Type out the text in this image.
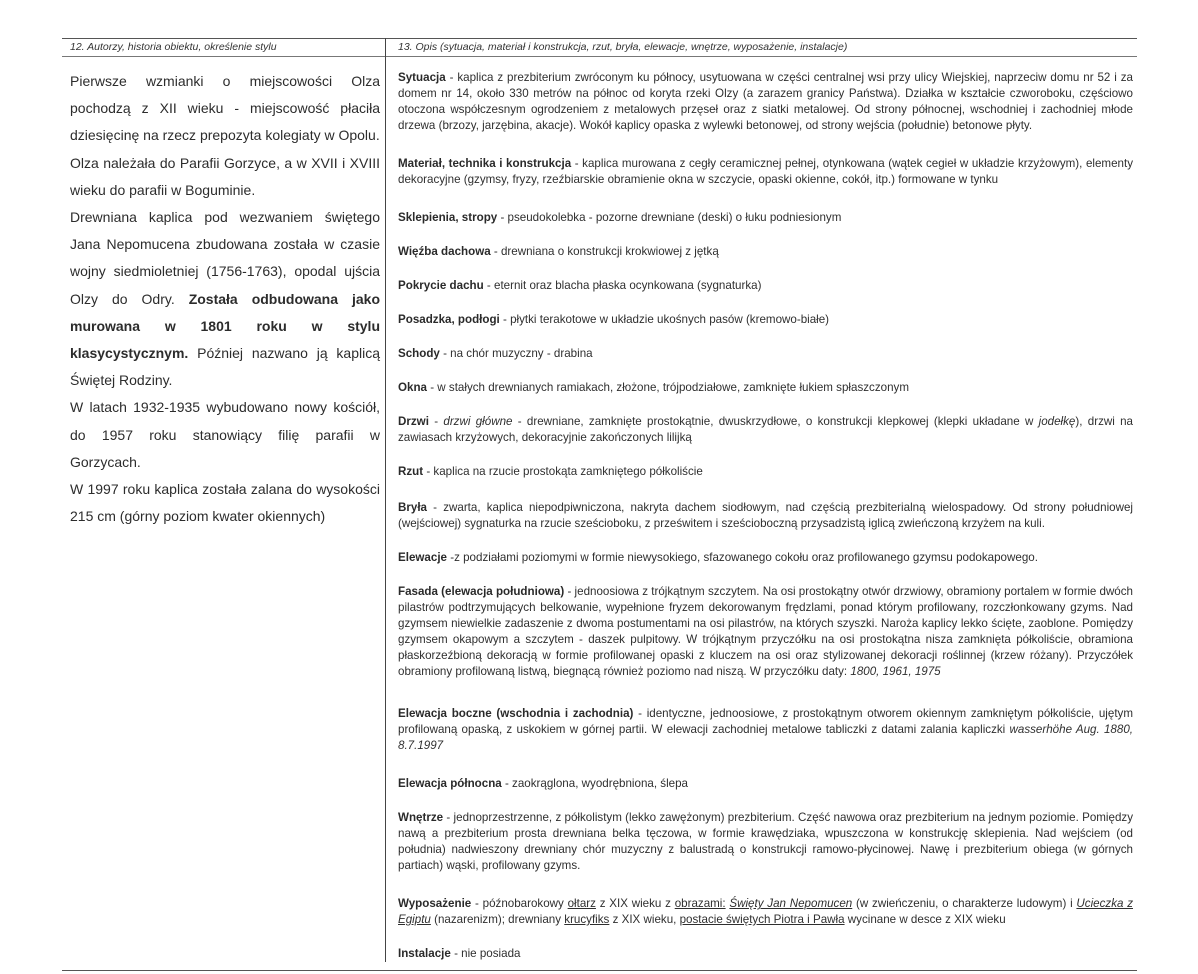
12. Autorzy, historia obiektu, określenie stylu	13. Opis (sytuacja, materiał i konstrukcja, rzut, bryła, elewacje, wnętrze, wyposażenie, instalacje)

Pierwsze wzmianki o miejscowości Olza pochodzą z XII wieku - miejscowość płaciła dziesięcinę na rzecz prepozyta kolegiaty w Opolu.

Olza należała do Parafii Gorzyce, a w XVII i XVIII wieku do parafii w Boguminie.

Drewniana kaplica pod wezwaniem świętego Jana Nepomucena zbudowana została w czasie wojny siedmioletniej (1756-1763), opodal ujścia Olzy do Odry. Została odbudowana jako murowana w 1801 roku w stylu klasycystycznym. Później nazwano ją kaplicą Świętej Rodziny.

W latach 1932-1935 wybudowano nowy kościół, do 1957 roku stanowiący filię parafii w Gorzycach.

W 1997 roku kaplica została zalana do wysokości 215 cm (górny poziom kwater okiennych)

Sytuacja - kaplica z prezbiterium zwróconym ku północy, usytuowana w części centralnej wsi przy ulicy Wiejskiej, naprzeciw domu nr 52 i za domem nr 14, około 330 metrów na północ od koryta rzeki Olzy (a zarazem granicy Państwa). Działka w kształcie czworoboku, częściowo otoczona współczesnym ogrodzeniem z metalowych przęseł oraz z siatki metalowej. Od strony północnej, wschodniej i zachodniej młode drzewa (brzozy, jarzębina, akacje). Wokół kaplicy opaska z wylewki betonowej, od strony wejścia (południe) betonowe płyty.

Materiał, technika i konstrukcja - kaplica murowana z cegły ceramicznej pełnej, otynkowana (wątek cegieł w układzie krzyżowym), elementy dekoracyjne (gzymsy, fryzy, rzeźbiarskie obramienie okna w szczycie, opaski okienne, cokół, itp.) formowane w tynku

Sklepienia, stropy - pseudokolebka - pozorne drewniane (deski) o łuku podniesionym

Więźba dachowa - drewniana o konstrukcji krokwiowej z jętką

Pokrycie dachu - eternit oraz blacha płaska ocynkowana (sygnaturka)

Posadzka, podłogi - płytki terakotowe w układzie ukośnych pasów (kremowo-białe)

Schody - na chór muzyczny - drabina

Okna - w stałych drewnianych ramiakach, złożone, trójpodziałowe, zamknięte łukiem spłaszczonym

Drzwi - drzwi główne - drewniane, zamknięte prostokątnie, dwuskrzydłowe, o konstrukcji klepkowej (klepki układane w jodełkę), drzwi na zawiasach krzyżowych, dekoracyjnie zakończonych lilijką

Rzut - kaplica na rzucie prostokąta zamkniętego półkoliście

Bryła - zwarta, kaplica niepodpiwniczona, nakryta dachem siodłowym, nad częścią prezbiterialną wielospadowy. Od strony południowej (wejściowej) sygnaturka na rzucie sześcioboku, z prześwitem i sześcioboczną przysadzistą iglicą zwieńczoną krzyżem na kuli.

Elewacje -z podziałami poziomymi w formie niewysokiego, sfazowanego cokołu oraz profilowanego gzymsu podokapowego.

Fasada (elewacja południowa) - jednoosiowa z trójkątnym szczytem. Na osi prostokątny otwór drzwiowy, obramiony portalem w formie dwóch pilastrów podtrzymujących belkowanie, wypełnione fryzem dekorowanym frędzlami, ponad którym profilowany, rozczłonkowany gzyms. Nad gzymsem niewielkie zadaszenie z dwoma postumentami na osi pilastrów, na których szyszki. Naroża kaplicy lekko ścięte, zaoblone. Pomiędzy gzymsem okapowym a szczytem - daszek pulpitowy. W trójkątnym przyczółku na osi prostokątna nisza zamknięta półkoliście, obramiona płaskorzeźbioną dekoracją w formie profilowanej opaski z kluczem na osi oraz stylizowanej dekoracji roślinnej (krzew różany). Przyczółek obramiony profilowaną listwą, biegnącą również poziomo nad niszą. W przyczółku daty: 1800, 1961, 1975

Elewacja boczne (wschodnia i zachodnia) - identyczne, jednoosiowe, z prostokątnym otworem okiennym zamkniętym półkoliście, ujętym profilowaną opaską, z uskokiem w górnej partii. W elewacji zachodniej metalowe tabliczki z datami zalania kapliczki wasserhöhe Aug. 1880, 8.7.1997

Elewacja północna - zaokrąglona, wyodrębniona, ślepa

Wnętrze - jednoprzestrzenne, z półkolistym (lekko zawężonym) prezbiterium. Część nawowa oraz prezbiterium na jednym poziomie. Pomiędzy nawą a prezbiterium prosta drewniana belka tęczowa, w formie krawędziaka, wpuszczona w konstrukcję sklepienia. Nad wejściem (od południa) nadwieszony drewniany chór muzyczny z balustradą o konstrukcji ramowo-płycinowej. Nawę i prezbiterium obiega (w górnych partiach) wąski, profilowany gzyms.

Wyposażenie - późnobarokowy ołtarz z XIX wieku z obrazami: Święty Jan Nepomucen (w zwieńczeniu, o charakterze ludowym) i Ucieczka z Egiptu (nazarenizm); drewniany krucyfiks z XIX wieku, postacie świętych Piotra i Pawła wycinane w desce z XIX wieku

Instalacje - nie posiada
